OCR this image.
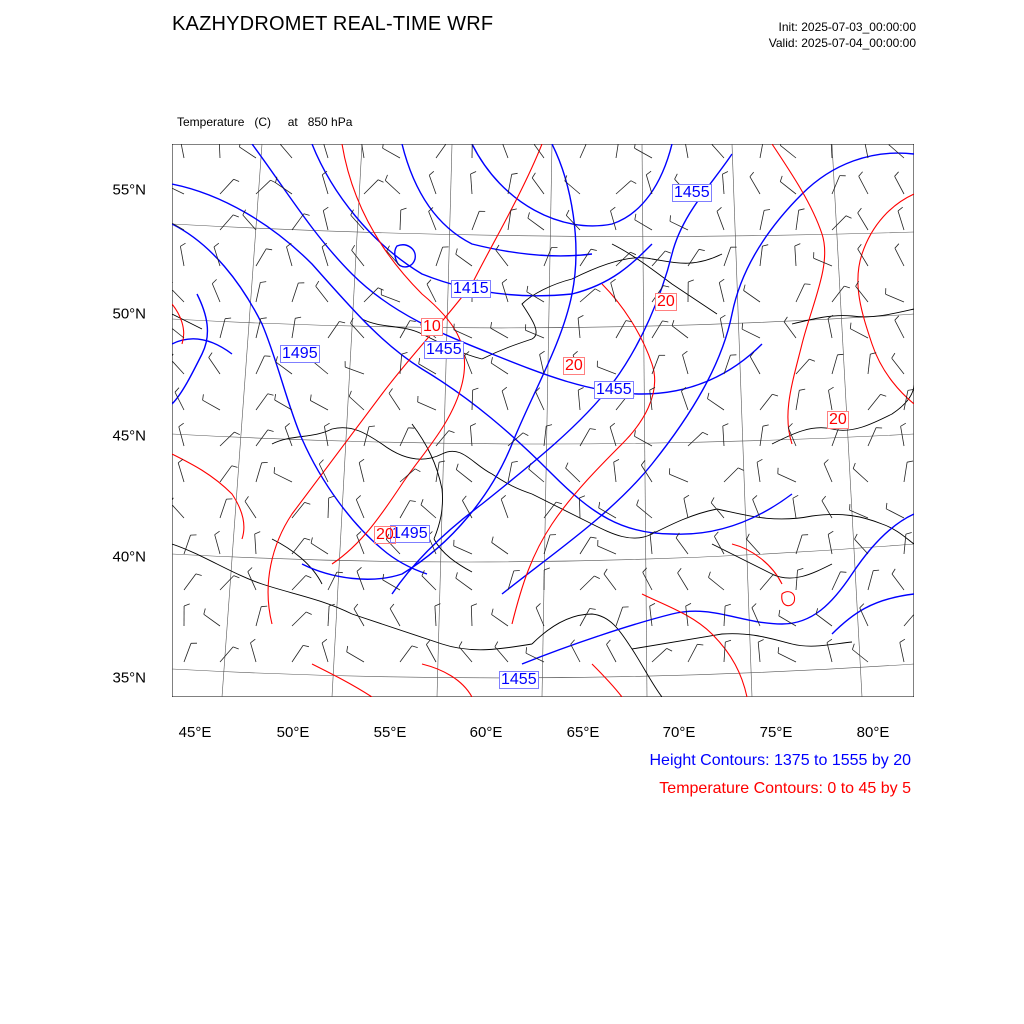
KAZHYDROMET REAL-TIME WRF	Init: 2025-07-03_00:00:00
Valid: 2025-07-04_00:00:00

Temperature   (C)     at   850 hPa

1455
1415
1495	1455
1455
1495
1455
10
20
20
20
20
55°N
50°N
45°N
40°N
35°N
45°E	50°E	55°E	60°E	65°E	70°E	75°E	80°E
Height Contours: 1375 to 1555 by 20
Temperature Contours: 0 to 45 by 5
